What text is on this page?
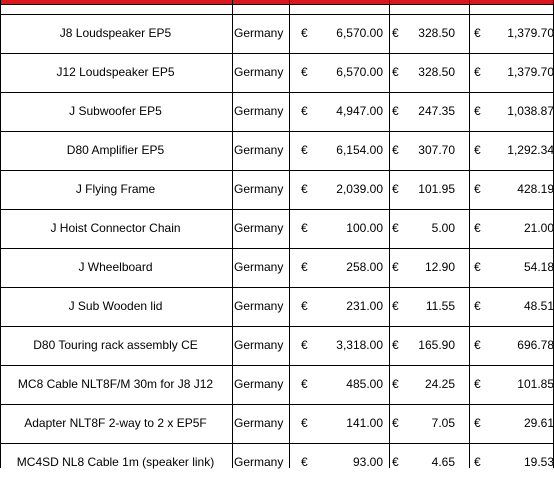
J8 Loudspeaker EP5	Germany	€	6,570.00 €	328.50 €	1,379.70
J12 Loudspeaker EP5	Germany	€	6,570.00 €	328.50 €	1,379.70
J Subwoofer EP5	Germany	€	4,947.00 €	247.35 €	1,038.87
D80 Amplifier EP5	Germany	€	6,154.00 €	307.70 €	1,292.34
J Flying Frame	Germany	€	2,039.00 €	101.95 €	428.19
J Hoist Connector Chain	Germany	€	100.00 €	5.00 €	21.00
J Wheelboard	Germany	€	258.00 €	12.90 €	54.18
J Sub Wooden lid	Germany	€	231.00 €	11.55 €	48.51
D80 Touring rack assembly CE	Germany	€	3,318.00 €	165.90 €	696.78
MC8 Cable NLT8F/M 30m for J8 J12	Germany	€	485.00 €	24.25 €	101.85
Adapter NLT8F 2-way to 2 x EP5F	Germany	€	141.00 €	7.05 €	29.61
MC4SD NL8 Cable 1m (speaker link)	Germany	€	93.00 €	4.65 €	19.53
